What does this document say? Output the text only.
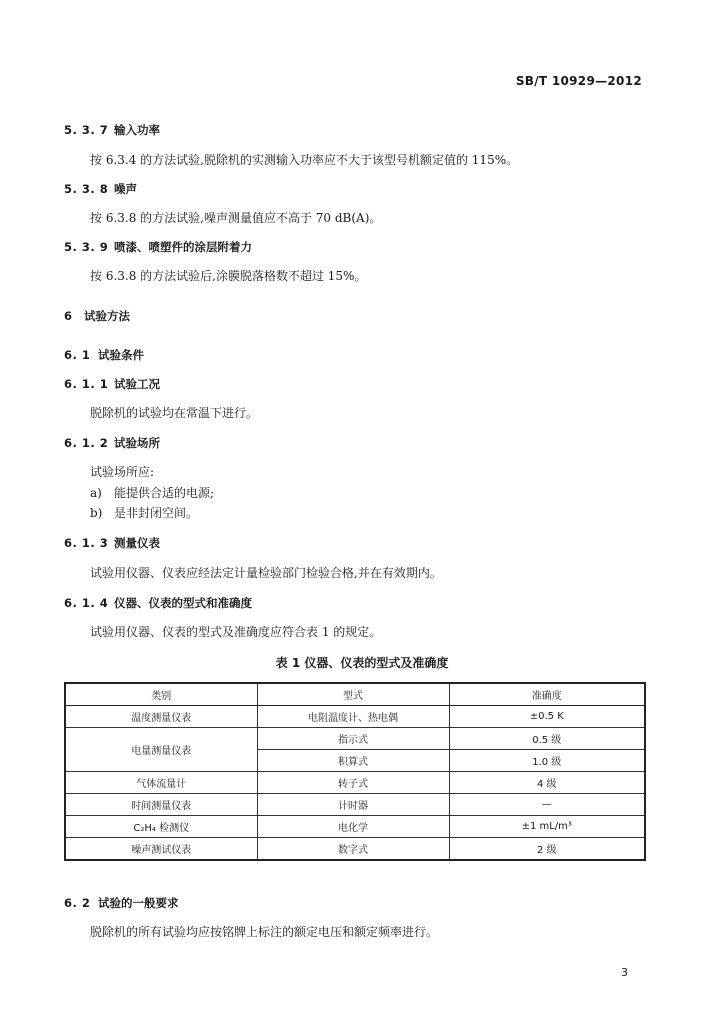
SB/T 10929—2012
5. 3. 7 输入功率
按 6.3.4 的方法试验,脱除机的实测输入功率应不大于该型号机额定值的 115%。
5. 3. 8 噪声
按 6.3.8 的方法试验,噪声测量值应不高于 70 dB(A)。
5. 3. 9 喷漆、喷塑件的涂层附着力
按 6.3.8 的方法试验后,涂膜脱落格数不超过 15%。
6 试验方法
6. 1 试验条件
6. 1. 1 试验工况
脱除机的试验均在常温下进行。
6. 1. 2 试验场所
试验场所应:
a) 能提供合适的电源;
b) 是非封闭空间。
6. 1. 3 测量仪表
试验用仪器、仪表应经法定计量检验部门检验合格,并在有效期内。
6. 1. 4 仪器、仪表的型式和准确度
试验用仪器、仪表的型式及准确度应符合表 1 的规定。
表 1 仪器、仪表的型式及准确度
类别	型式	准确度
温度测量仪表	电阻温度计、热电偶	±0.5 K
电量测量仪表	指示式	0.5 级
	积算式	1.0 级
气体流量计	转子式	4 级
时间测量仪表	计时器	—
C₂H₄ 检测仪	电化学	±1 mL/m³
噪声测试仪表	数字式	2 级
6. 2 试验的一般要求
脱除机的所有试验均应按铭牌上标注的额定电压和额定频率进行。
3
